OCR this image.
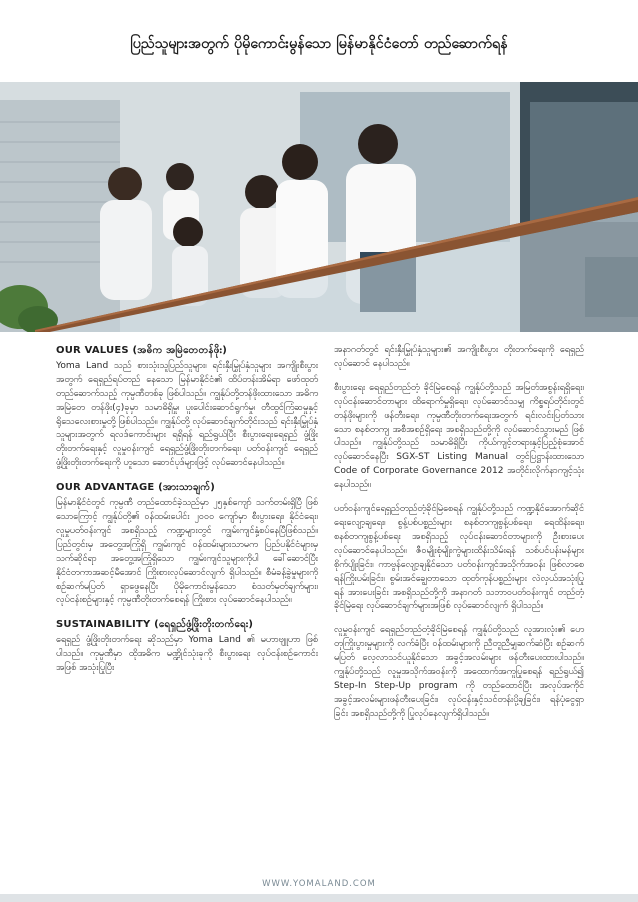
ပြည်သူများအတွက် ပိုမိုကောင်းမွန်သော မြန်မာနိုင်ငံတော် တည်ဆောက်ရန်
OUR VALUES (အဓိက အမြဲတေတန်ဖိုး)

Yoma Land သည် စားသုံးသူပြည်သူများ၊ ရင်းနှီးမြှုပ်နှံသူများ အကျိုးစီးပွားအတွက် ရေရှည်ရပ်တည် နေသော မြန်မာနိုင်ငံ၏ ထိပ်တန်းအိမ်ရာ ဖော်ထုတ် တည်ဆောက်သည့် ကုမ္ပဏီတစ်ခု ဖြစ်ပါသည်။ ကျွန်ုပ်တို့တန်ဖိုးထားသော အဓိကအမြဲတေ တန်ဖိုး(၄)ခုမှာ သမာဓိရှိမှု၊ ပူးပေါင်းဆောင်ရွက်မှု၊ တီထွင်ကြံဆမှုနှင့် ရိုသေလေးစားမှုတို့ ဖြစ်ပါသည်။ ကျွန်ုပ်တို့ လုပ်ဆောင်ချက်တိုင်းသည် ရင်းနှီးမြှုပ်နှံသူများအတွက် ရလဒ်ကောင်းများ ရရှိရန် ရည်ရွယ်ပြီး စီးပွားရေးရေရှည် ဖွံ့ဖြိုးတိုးတက်ရေးနှင့် လူမှုဝန်းကျင် ရေရှည်ဖွံ့ဖြိုးတိုးတက်ရေး၊ ပတ်ဝန်းကျင် ရေရှည် ဖွံ့ဖြိုးတိုးတက်ရေးကို ဟူသော ဆောင်ပုဒ်များဖြင့် လုပ်ဆောင်နေပါသည်။

OUR ADVANTAGE (အားသာချက်)

မြန်မာနိုင်ငံတွင် ကုမ္ပဏီ တည်ထောင်ခဲ့သည်မှာ ၂၅နှစ်ကျော် သက်တမ်းရှိပြီ ဖြစ်သောကြောင့် ကျွန်ုပ်တို့၏ ဝန်ထမ်းပေါင်း ၂၀၀၀ ကျော်မှာ စီးပွားရေး၊ နိုင်ငံရေး၊ လူမှုပတ်ဝန်းကျင် အစရှိသည့် ကဏ္ဍများတွင် ကျွမ်းကျင်နှံ့စပ်နေပြီဖြစ်သည်။ ပြည်တွင်းမှ အတွေ့အကြုံရှိ ကျွမ်းကျင် ဝန်ထမ်းများသာမက ပြည်ပနိုင်ငံများမှ သက်ဆိုင်ရာ အတွေ့အကြုံရှိသော ကျွမ်းကျင်သူများကိုပါ ခေါ်ဆောင်ပြီး နိုင်ငံတကာအဆင့်မီအောင် ကြိုးစားလုပ်ဆောင်လျက် ရှိပါသည်။ စီမံခန့်ခွဲမှုများကို စဉ်ဆက်မပြတ် ရှာဖွေနေပြီး ပိုမိုကောင်းမွန်သော စံသတ်မှတ်ချက်များ၊ လုပ်ငန်းစဉ်များနှင့် ကုမ္ပဏီတိုးတက်စေရန် ကြိုးစား လုပ်ဆောင်နေပါသည်။

SUSTAINABILITY (ရေရှည်ဖွံ့ဖြိုးတိုးတက်ရေး)

ရေရှည် ဖွံ့ဖြိုးတိုးတက်ရေး ဆိုသည်မှာ Yoma Land ၏ မဟာဗျူဟာ ဖြစ်ပါသည်။ ကုမ္ပဏီမှာ ထိုအဓိက မဏ္ဍိုင်သုံးခုကို စီးပွားရေး လုပ်ငန်းစဉ်ကောင်းအဖြစ် အသုံးပြုပြီး

အနာဂတ်တွင် ရင်းနှီးမြှုပ်နှံသူများ၏ အကျိုးစီးပွား တိုးတက်ရေးကို ရေရှည်လုပ်ဆောင် နေပါသည်။

စီးပွားရေး ရေရှည်တည်တံ့ ခိုင်မြဲစေရန် ကျွန်ုပ်တို့သည် အမြတ်အစွန်းရရှိရေး၊ လုပ်ငန်းဆောင်တာများ ထိရောက်မှုရှိရေး၊ လုပ်ဆောင်သမျှ ကိစ္စရပ်တိုင်းတွင် တန်ဖိုးများကို ဖန်တီးရေး၊ ကုမ္ပဏီတိုးတက်ရေးအတွက် ရင်းလင်းပြတ်သားသော စနစ်တကျ အစီအစဉ်ရှိရေး အစရှိသည်တို့ကို လုပ်ဆောင်သွားမည် ဖြစ်ပါသည်။ ကျွန်ုပ်တို့သည် သမာဓိရှိပြီး ကိုယ်ကျင့်တရားနှင့်ပြည့်စုံအောင် လုပ်ဆောင်နေပြီး SGX-ST Listing Manual တွင်ပြဋ္ဌာန်းထားသော Code of Corporate Governance 2012 အတိုင်းလိုက်နာကျင့်သုံးနေပါသည်။

ပတ်ဝန်းကျင်ရေရှည်တည်တံ့ခိုင်မြဲစေရန် ကျွန်ုပ်တို့သည် ကဏ္ဍနိုင်အောက်ဆိုင်ရေးလျော့ချရေး၊ စွန့်ပစ်ပစ္စည်းများ စနစ်တကျစွန့်ပစ်ရေး၊ ရေထိန်းရေး၊ စနစ်တကျစွန့်ပစ်ရေး အစရှိသည့် လုပ်ငန်းဆောင်တာများကို ဦးစားပေး လုပ်ဆောင်နေပါသည်။ ဇီဝမျိုးစုံမျိုးကွဲများထိန်းသိမ်းရန် သစ်ပင်ပန်းမန်များစိုက်ပျိုးခြင်း၊ ကာဗွန်လျော့ချနိုင်သော ပတ်ဝန်းကျင်အသိုက်အဝန်း ဖြစ်လာစေရန်ကြိုးပမ်းခြင်း၊ စွမ်းအင်ချွေတာသော ထုတ်ကုန်ပစ္စည်းများ လဲလှယ်အသုံးပြုရန် အားပေးခြင်း အစရှိသည်တို့ကို အနာဂတ် သဘာဝပတ်ဝန်းကျင် တည်တံ့ခိုင်မြဲရေး လုပ်ဆောင်ချက်များအဖြစ် လုပ်ဆောင်လျက် ရှိပါသည်။

လူမှုဝန်းကျင် ရေရှည်တည်တံ့ခိုင်မြဲစေရန် ကျွန်ုပ်တို့သည် လူအားလုံး၏ ဟေတုကြိုးပွားမှုများကို လက်ခံပြီး ဝန်ထမ်းများကို ညီတူညီမျှဆက်ဆံပြီး စဉ်ဆက်မပြတ် လေ့လာသင်ယူနိုင်သော အခွင့်အလမ်းများ ဖန်တီးပေးထားပါသည်။ ကျွန်ုပ်တို့သည် လူမှုအသိုက်အဝန်းကို အထောက်အကူပြုစေရန် ရည်ရွယ်၍ Step-In Step-Up program ကို တည်ထောင်ပြီး အလုပ်အကိုင်အခွင့်အလမ်းများဖန်တီးပေးခြင်း၊ လုပ်ငန်းနှင့်သင်တန်းပို့ချခြင်း၊ ရန်ပုံငွေရှာခြင်း အစရှိသည်တို့ကို ပြုလုပ်နေလျက်ရှိပါသည်။

WWW.YOMALAND.COM
